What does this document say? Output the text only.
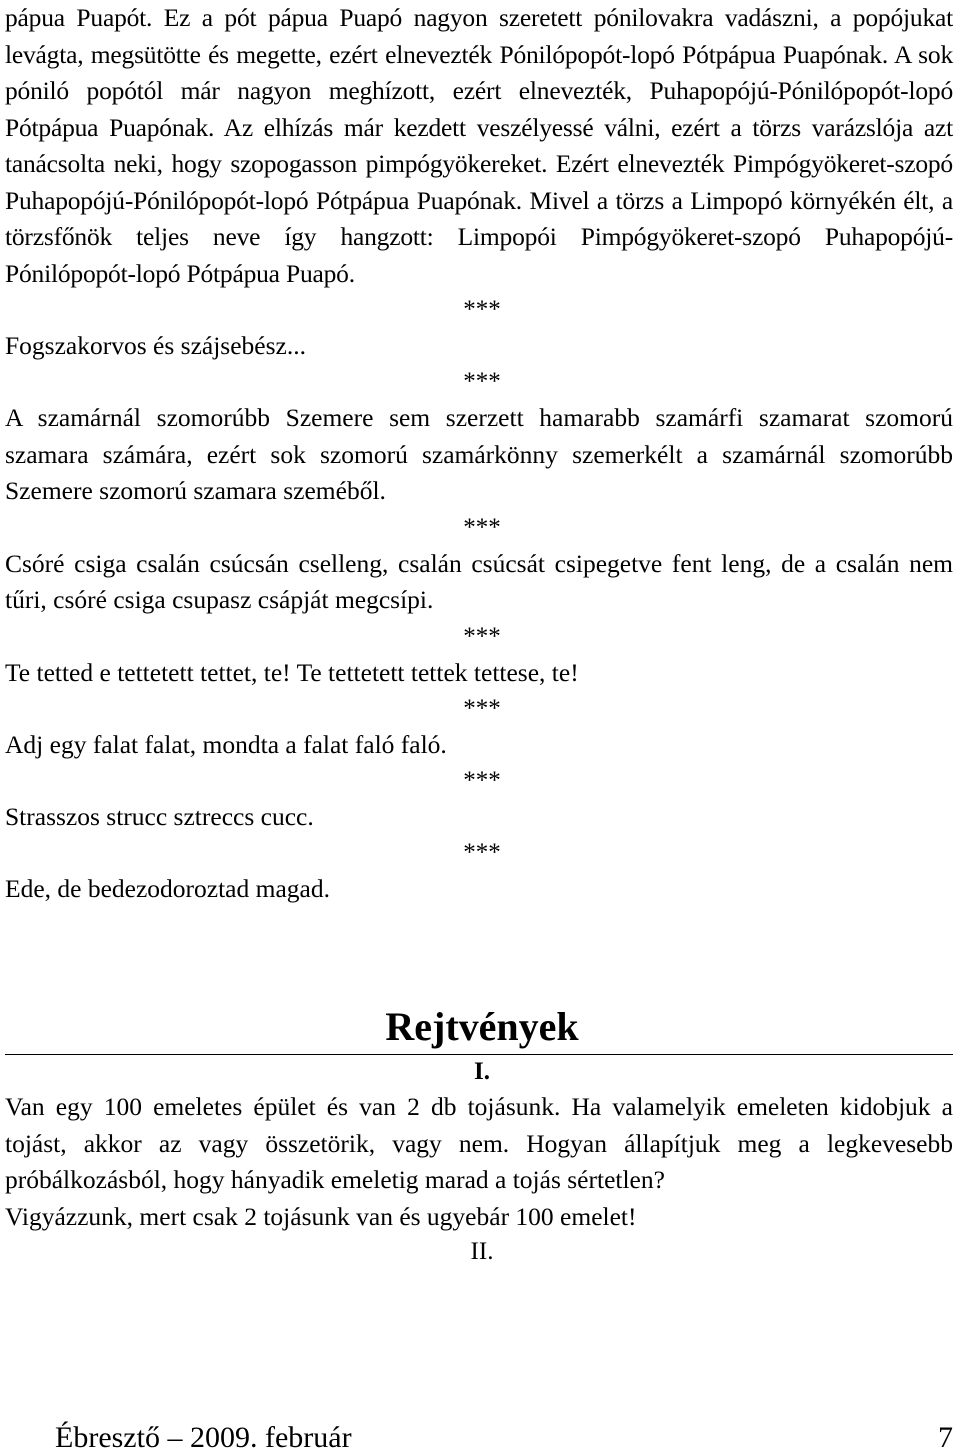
pápua Puapót. Ez a pót pápua Puapó nagyon szeretett pónilovakra vadászni, a popójukat levágta, megsütötte és megette, ezért elnevezték Pónilópopót-lopó Pótpápua Puapónak. A sok póniló popótól már nagyon meghízott, ezért elnevezték, Puhapopójú-Pónilópopót-lopó Pótpápua Puapónak. Az elhízás már kezdett veszélyessé válni, ezért a törzs varázslója azt tanácsolta neki, hogy szopogasson pimpógyökereket. Ezért elnevezték Pimpógyökeret-szopó Puhapopójú-Pónilópopót-lopó Pótpápua Puapónak. Mivel a törzs a Limpopó környékén élt, a törzsfőnök teljes neve így hangzott: Limpopói Pimpógyökeret-szopó Puhapopójú-Pónilópopót-lopó Pótpápua Puapó.

***

Fogszakorvos és szájsebész...

***

A szamárnál szomorúbb Szemere sem szerzett hamarabb szamárfi szamarat szomorú szamara számára, ezért sok szomorú szamárkönny szemerkélt a szamárnál szomorúbb Szemere szomorú szamara szeméből.

***

Csóré csiga csalán csúcsán cselleng, csalán csúcsát csipegetve fent leng, de a csalán nem tűri, csóré csiga csupasz csápját megcsípi.

***

Te tetted e tettetett tettet, te! Te tettetett tettek tettese, te!

***

Adj egy falat falat, mondta a falat faló faló.

***

Strasszos strucc sztreccs cucc.

***

Ede, de bedezodoroztad magad.

Rejtvények
I.

Van egy 100 emeletes épület és van 2 db tojásunk. Ha valamelyik emeleten kidobjuk a tojást, akkor az vagy összetörik, vagy nem. Hogyan állapítjuk meg a legkevesebb próbálkozásból, hogy hányadik emeletig marad a tojás sértetlen?

Vigyázzunk, mert csak 2 tojásunk van és ugyebár 100 emelet!

II.
Ébresztő – 2009. február	7
